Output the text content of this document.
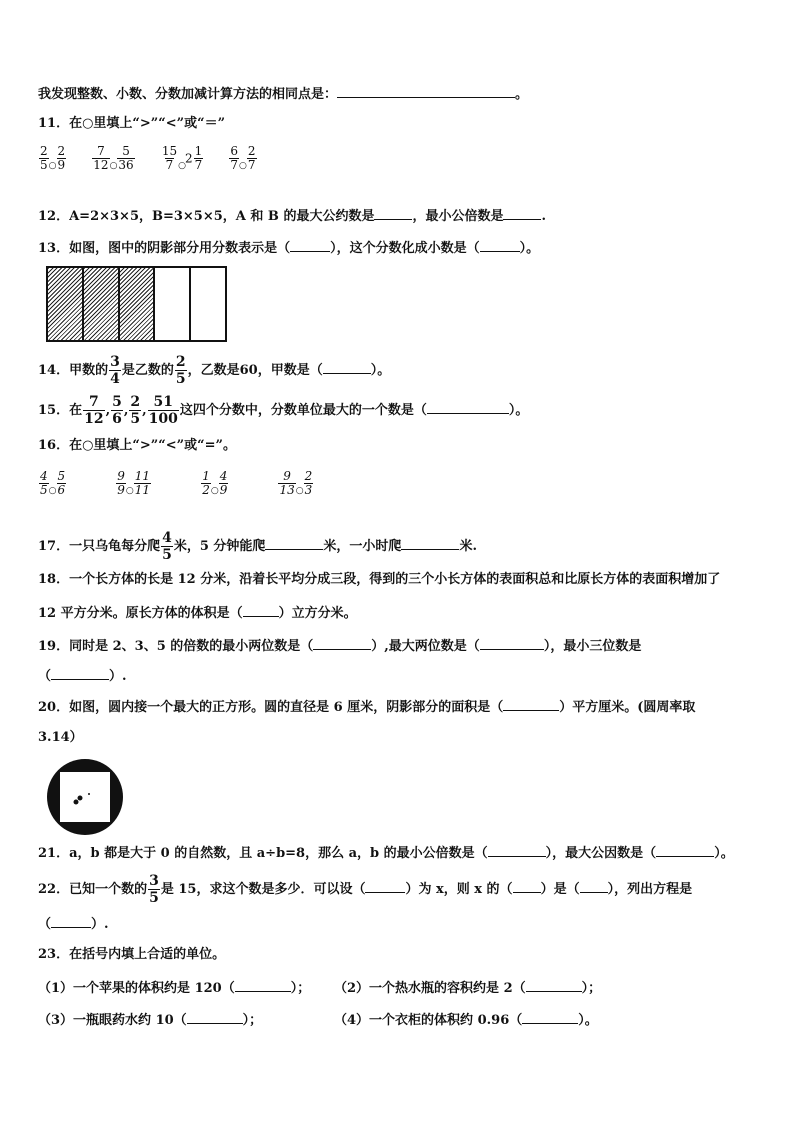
我发现整数、小数、分数加减计算方法的相同点是：	。
11．在○里填上“>”“<”或“＝”
$\frac{2}{5} _○ \frac{2}{9}$
$\frac{7}{12} _○ \frac{5}{36}$
$\frac{15}{7} _○2 \frac{1}{7}$
$\frac{6}{7} _○ \frac{2}{7}$
12．A=2×3×5，B=3×5×5，A 和 B 的最大公约数是	，最小公倍数是	.
13．如图，图中的阴影部分用分数表示是（	），这个分数化成小数是（	）。
14．甲数的 $\frac{3}{4}$ 是乙数的 $\frac{2}{5}$ ，乙数是60，甲数是（	）。
15．在 $\frac{7}{12}$ , $\frac{5}{6}$ , $\frac{2}{5}$ , $\frac{51}{100}$ 这四个分数中，分数单位最大的一个数是（	）。
16．在○里填上“>”“<”或“=”。
$\frac{4}{5} _○ \frac{5}{6}$
	$\frac{9}{9} _○ \frac{11}{11}$
	$\frac{1}{2} _○ \frac{4}{9}$
	$\frac{9}{13} _○ \frac{2}{3}$
17．一只乌龟每分爬 $\frac{4}{5}$ 米，5 分钟能爬	米，一小时爬	米.
18．一个长方体的长是 12 分米，沿着长平均分成三段，得到的三个小长方体的表面积总和比原长方体的表面积增加了
12 平方分米。原长方体的体积是（	）立方分米。
19．同时是 2、3、5 的倍数的最小两位数是（	）,最大两位数是（	），最小三位数是
（	）.
20．如图，圆内接一个最大的正方形。圆的直径是 6 厘米，阴影部分的面积是（	）平方厘米。(圆周率取
3.14）
21．a，b 都是大于 0 的自然数，且 a÷b=8，那么 a，b 的最小公倍数是（	），最大公因数是（	）。
22．已知一个数的 $\frac{3}{5}$ 是 15，求这个数是多少．可以设（	）为 x，则 x 的（ ）是（ ），列出方程是
（	）.
23．在括号内填上合适的单位。
（1）一个苹果的体积约是 120（	）； （2）一个热水瓶的容积约是 2（	）；
（3）一瓶眼药水约 10（	）；	（4）一个衣柜的体积约 0.96（	）。
